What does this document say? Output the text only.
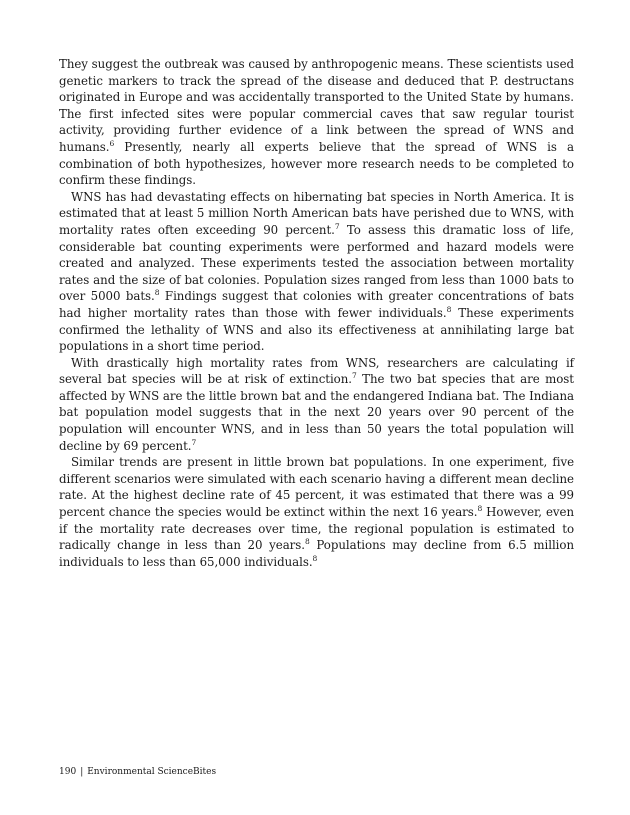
They suggest the outbreak was caused by anthropogenic means. These scientists used genetic markers to track the spread of the disease and deduced that P. destructans originated in Europe and was accidentally transported to the United State by humans. The first infected sites were popular commercial caves that saw regular tourist activity, providing further evidence of a link between the spread of WNS and humans.$^6$ Presently, nearly all experts believe that the spread of WNS is a combination of both hypothesizes, however more research needs to be completed to confirm these findings.

WNS has had devastating effects on hibernating bat species in North America. It is estimated that at least 5 million North American bats have perished due to WNS, with mortality rates often exceeding 90 percent.$^7$ To assess this dramatic loss of life, considerable bat counting experiments were performed and hazard models were created and analyzed. These experiments tested the association between mortality rates and the size of bat colonies. Population sizes ranged from less than 1000 bats to over 5000 bats.$^8$ Findings suggest that colonies with greater concentrations of bats had higher mortality rates than those with fewer individuals.$^8$ These experiments confirmed the lethality of WNS and also its effectiveness at annihilating large bat populations in a short time period.

With drastically high mortality rates from WNS, researchers are calculating if several bat species will be at risk of extinction.$^7$ The two bat species that are most affected by WNS are the little brown bat and the endangered Indiana bat. The Indiana bat population model suggests that in the next 20 years over 90 percent of the population will encounter WNS, and in less than 50 years the total population will decline by 69 percent.$^7$

Similar trends are present in little brown bat populations. In one experiment, five different scenarios were simulated with each scenario having a different mean decline rate. At the highest decline rate of 45 percent, it was estimated that there was a 99 percent chance the species would be extinct within the next 16 years.$^8$ However, even if the mortality rate decreases over time, the regional population is estimated to radically change in less than 20 years.$^8$ Populations may decline from 6.5 million individuals to less than 65,000 individuals.$^8$

190 | Environmental ScienceBites
